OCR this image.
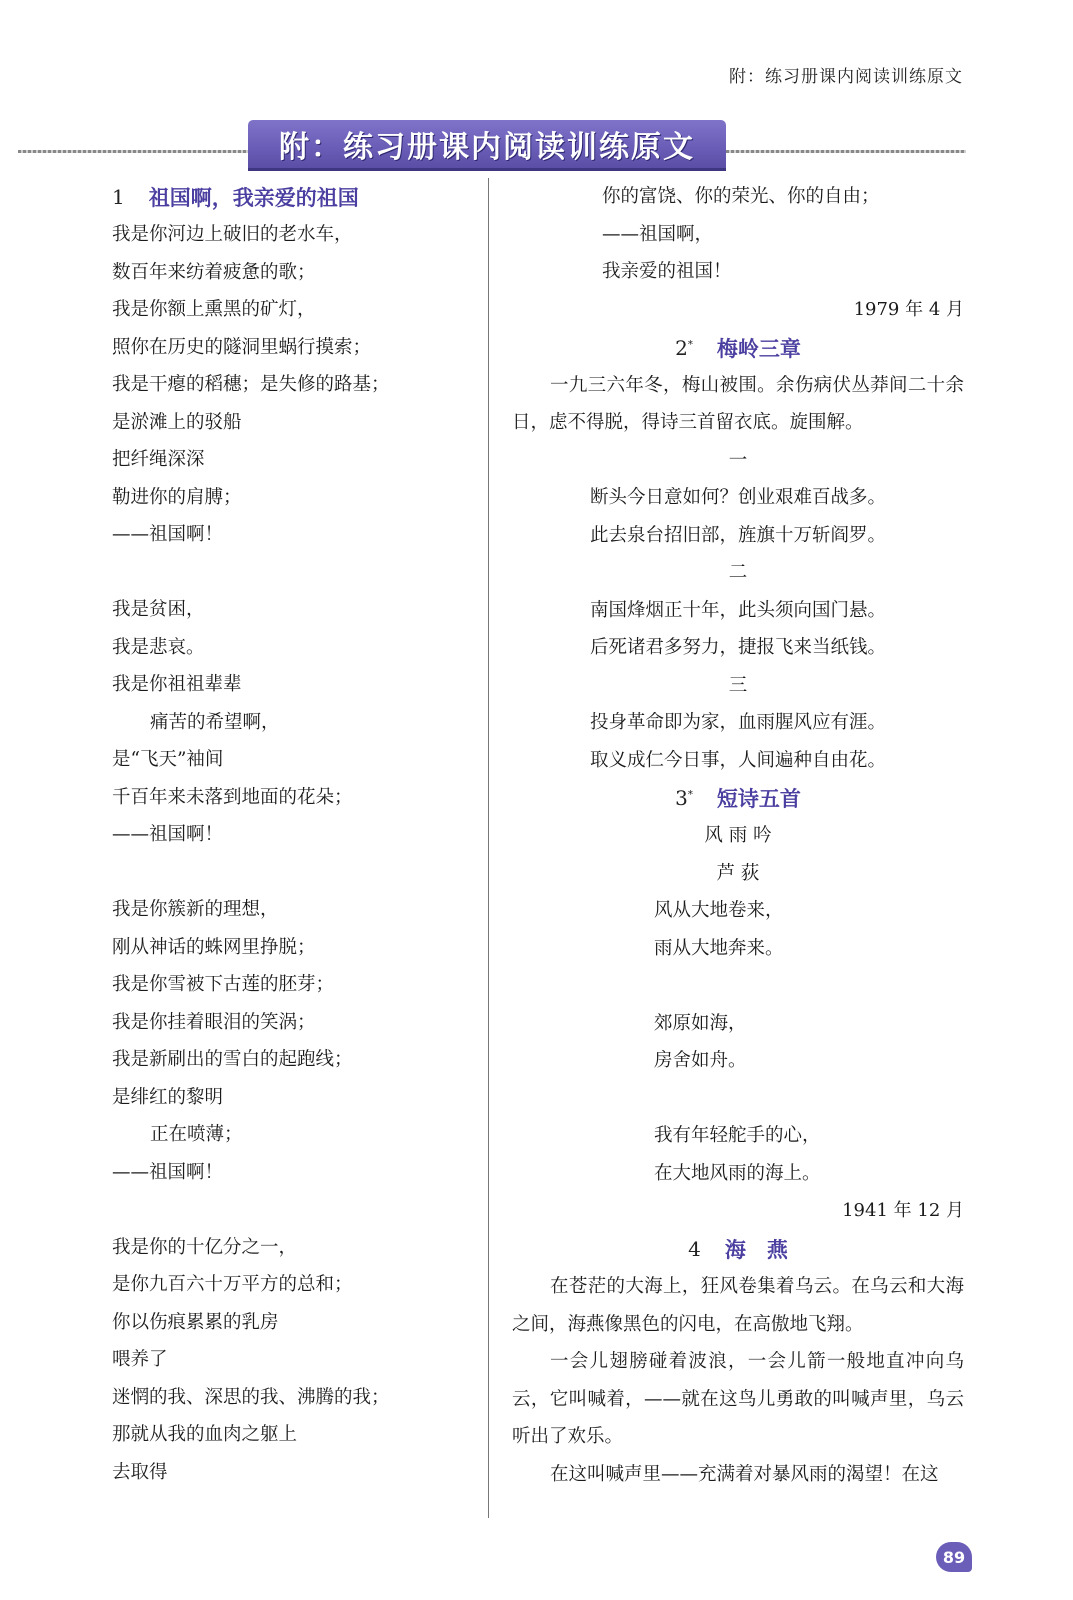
附：练习册课内阅读训练原文
附：练习册课内阅读训练原文
1 祖国啊，我亲爱的祖国
我是你河边上破旧的老水车，
数百年来纺着疲惫的歌；
我是你额上熏黑的矿灯，
照你在历史的隧洞里蜗行摸索；
我是干瘪的稻穗；是失修的路基；
是淤滩上的驳船
把纤绳深深
勒进你的肩膊；
——祖国啊！
我是贫困，
我是悲哀。
我是你祖祖辈辈
痛苦的希望啊，
是“飞天”袖间
千百年来未落到地面的花朵；
——祖国啊！
我是你簇新的理想，
刚从神话的蛛网里挣脱；
我是你雪被下古莲的胚芽；
我是你挂着眼泪的笑涡；
我是新刷出的雪白的起跑线；
是绯红的黎明
正在喷薄；
——祖国啊！
我是你的十亿分之一，
是你九百六十万平方的总和；
你以伤痕累累的乳房
喂养了
迷惘的我、深思的我、沸腾的我；
那就从我的血肉之躯上
去取得
你的富饶、你的荣光、你的自由；
——祖国啊，
我亲爱的祖国！
1979 年 4 月
2* 梅岭三章

一九三六年冬，梅山被围。余伤病伏丛莽间二十余日，虑不得脱，得诗三首留衣底。旋围解。

一
断头今日意如何？创业艰难百战多。
此去泉台招旧部，旌旗十万斩阎罗。
二
南国烽烟正十年，此头须向国门悬。
后死诸君多努力，捷报飞来当纸钱。
三
投身革命即为家，血雨腥风应有涯。
取义成仁今日事，人间遍种自由花。
3* 短诗五首
风 雨 吟
芦 荻
风从大地卷来，
雨从大地奔来。
郊原如海，
房舍如舟。
我有年轻舵手的心，
在大地风雨的海上。
1941 年 12 月
4 海　燕

在苍茫的大海上，狂风卷集着乌云。在乌云和大海之间，海燕像黑色的闪电，在高傲地飞翔。

一会儿翅膀碰着波浪，一会儿箭一般地直冲向乌云，它叫喊着，——就在这鸟儿勇敢的叫喊声里，乌云听出了欢乐。

在这叫喊声里——充满着对暴风雨的渴望！在这

89
